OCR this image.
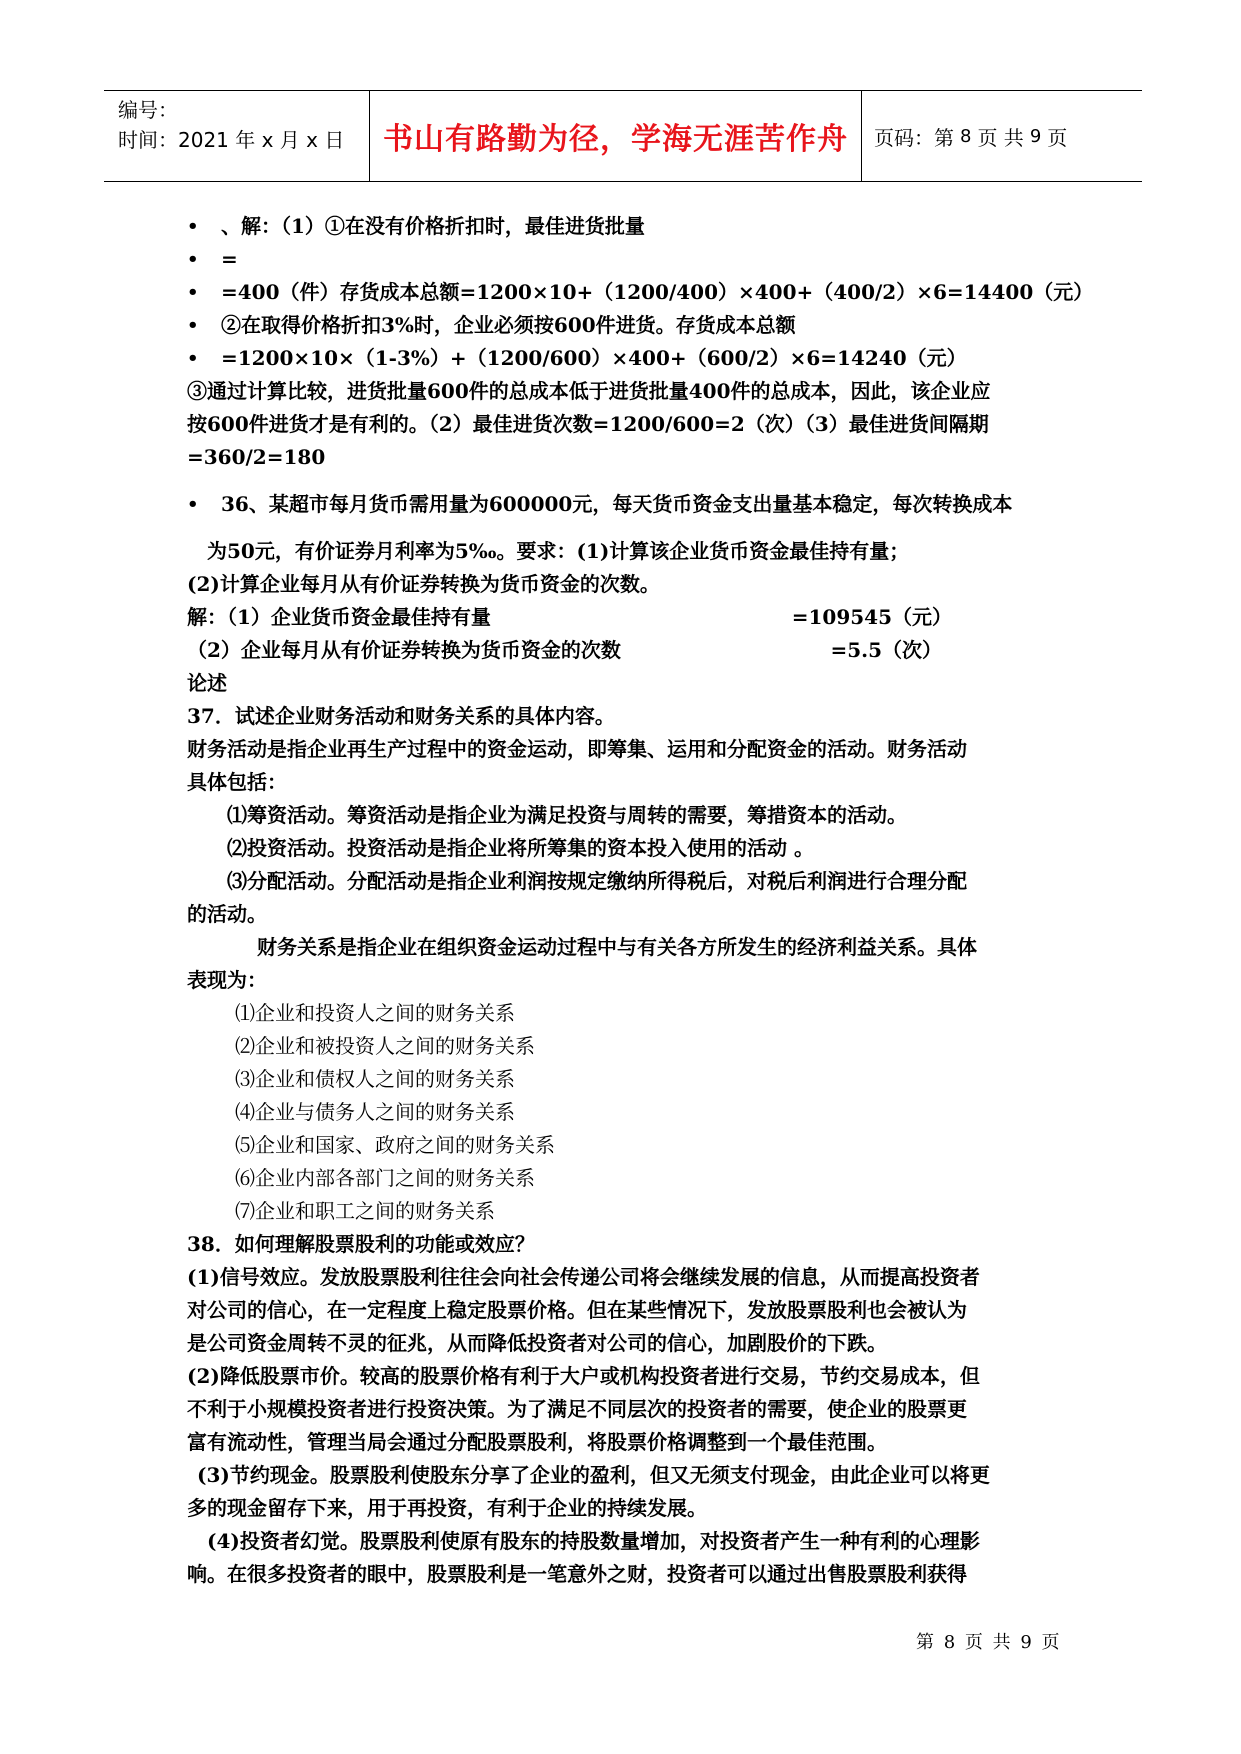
编号：
时间：2021 年 x 月 x 日	书山有路勤为径，学海无涯苦作舟 页码：第 8 页 共 9 页
• 、解：（1）①在没有价格折扣时，最佳进货批量
• =
• =400（件）存货成本总额=1200×10+（1200/400）×400+（400/2）×6=14400（元）
• ②在取得价格折扣3%时，企业必须按600件进货。存货成本总额
• =1200×10×（1-3%）+（1200/600）×400+（600/2）×6=14240（元）
③通过计算比较，进货批量600件的总成本低于进货批量400件的总成本，因此，该企业应
按600件进货才是有利的。（2）最佳进货次数=1200/600=2（次）（3）最佳进货间隔期
=360/2=180
• 36、某超市每月货币需用量为600000元，每天货币资金支出量基本稳定，每次转换成本
为50元，有价证券月利率为5‰。要求：(1)计算该企业货币资金最佳持有量；
(2)计算企业每月从有价证券转换为货币资金的次数。
解：（1）企业货币资金最佳持有量	=109545（元）
（2）企业每月从有价证券转换为货币资金的次数	=5.5（次）
论述
37．试述企业财务活动和财务关系的具体内容。
财务活动是指企业再生产过程中的资金运动，即筹集、运用和分配资金的活动。财务活动
具体包括：
⑴筹资活动。筹资活动是指企业为满足投资与周转的需要，筹措资本的活动。
⑵投资活动。投资活动是指企业将所筹集的资本投入使用的活动 。
⑶分配活动。分配活动是指企业利润按规定缴纳所得税后，对税后利润进行合理分配
的活动。
财务关系是指企业在组织资金运动过程中与有关各方所发生的经济利益关系。具体
表现为：
⑴企业和投资人之间的财务关系
⑵企业和被投资人之间的财务关系
⑶企业和债权人之间的财务关系
⑷企业与债务人之间的财务关系
⑸企业和国家、政府之间的财务关系
⑹企业内部各部门之间的财务关系
⑺企业和职工之间的财务关系
38．如何理解股票股利的功能或效应？
(1)信号效应。发放股票股利往往会向社会传递公司将会继续发展的信息，从而提高投资者
对公司的信心，在一定程度上稳定股票价格。但在某些情况下，发放股票股利也会被认为
是公司资金周转不灵的征兆，从而降低投资者对公司的信心，加剧股价的下跌。
(2)降低股票市价。较高的股票价格有利于大户或机构投资者进行交易，节约交易成本，但
不利于小规模投资者进行投资决策。为了满足不同层次的投资者的需要，使企业的股票更
富有流动性，管理当局会通过分配股票股利，将股票价格调整到一个最佳范围。
(3)节约现金。股票股利使股东分享了企业的盈利，但又无须支付现金，由此企业可以将更
多的现金留存下来，用于再投资，有利于企业的持续发展。
(4)投资者幻觉。股票股利使原有股东的持股数量增加，对投资者产生一种有利的心理影
响。在很多投资者的眼中，股票股利是一笔意外之财，投资者可以通过出售股票股利获得
第 8 页 共 9 页
